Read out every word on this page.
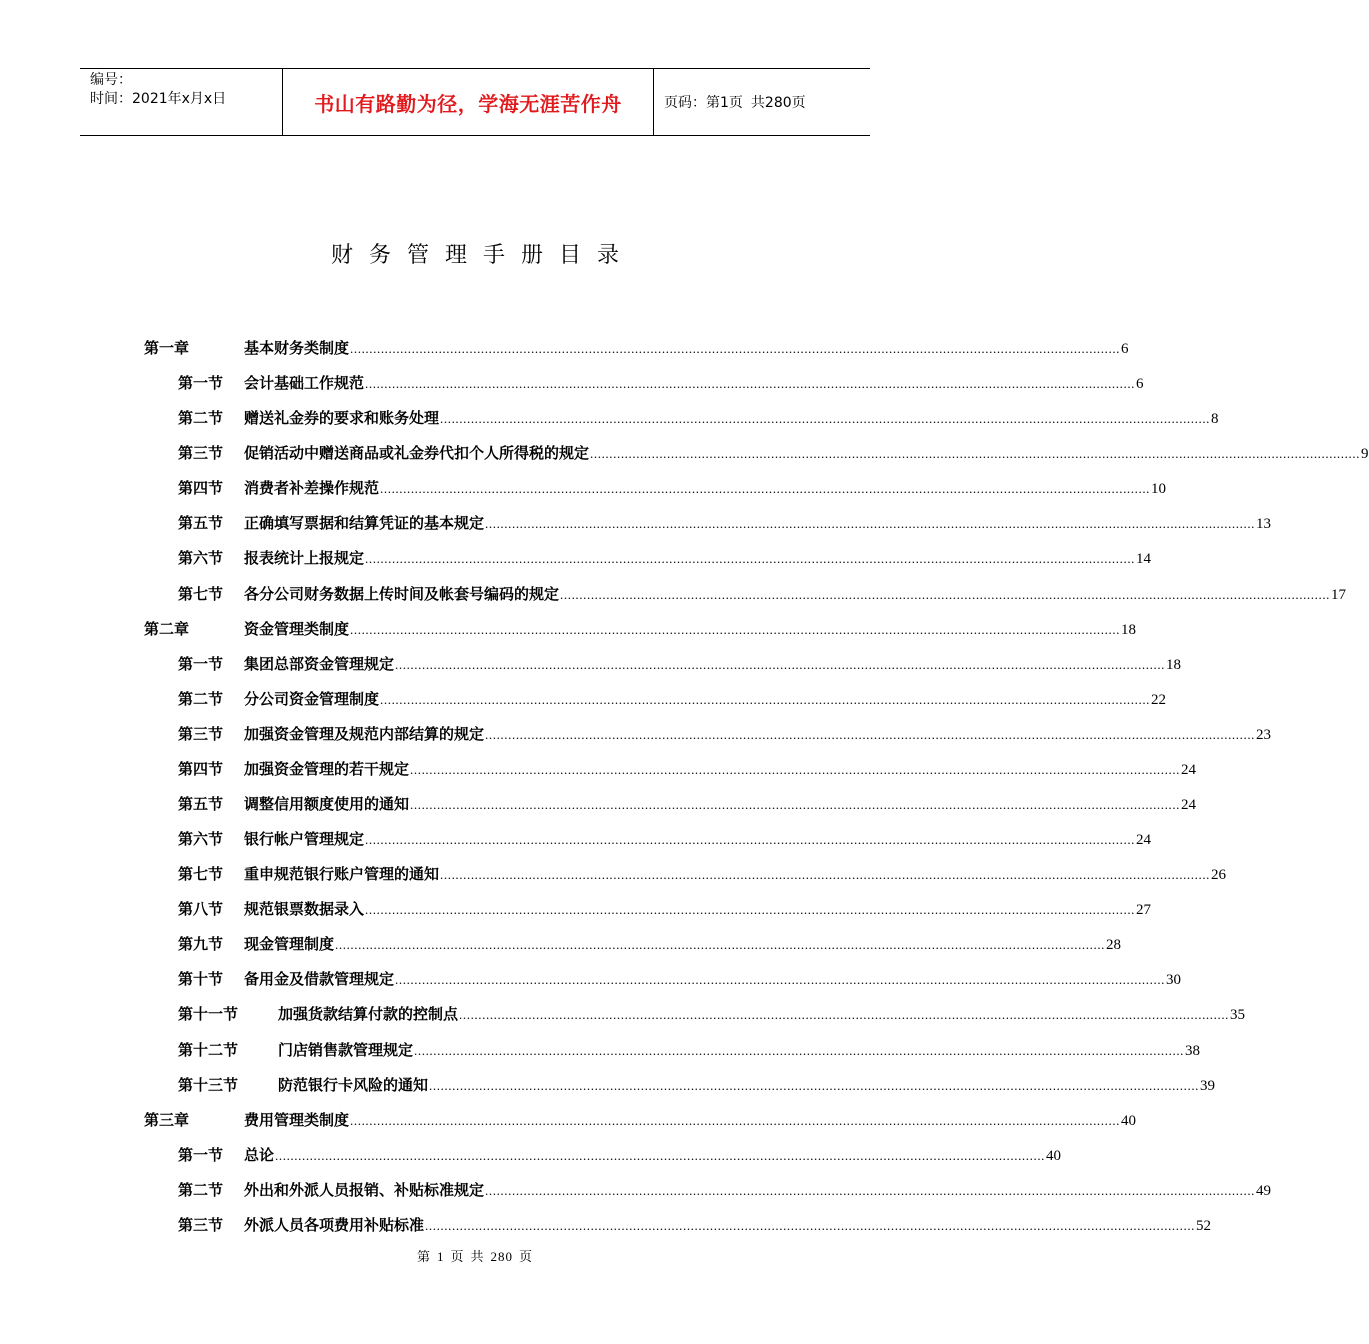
编号：
时间：2021年x月x日	书山有路勤为径，学海无涯苦作舟	页码：第1页 共280页
财务管理手册目录
第一章	基本财务类制度 ........................................................................................................................................................................................................ 6
第一节 会计基础工作规范 ........................................................................................................................................................................................................ 6
第二节 赠送礼金券的要求和账务处理 ........................................................................................................................................................................................................ 8
第三节 促销活动中赠送商品或礼金券代扣个人所得税的规定 ........................................................................................................................................................................................................ 9
第四节 消费者补差操作规范 ........................................................................................................................................................................................................ 10
第五节 正确填写票据和结算凭证的基本规定 ........................................................................................................................................................................................................ 13
第六节 报表统计上报规定 ........................................................................................................................................................................................................ 14
第七节 各分公司财务数据上传时间及帐套号编码的规定 ........................................................................................................................................................................................................ 17
第二章	资金管理类制度 ........................................................................................................................................................................................................ 18
第一节 集团总部资金管理规定 ........................................................................................................................................................................................................ 18
第二节 分公司资金管理制度 ........................................................................................................................................................................................................ 22
第三节 加强资金管理及规范内部结算的规定 ........................................................................................................................................................................................................ 23
第四节 加强资金管理的若干规定 ........................................................................................................................................................................................................ 24
第五节 调整信用额度使用的通知 ........................................................................................................................................................................................................ 24
第六节 银行帐户管理规定 ........................................................................................................................................................................................................ 24
第七节 重申规范银行账户管理的通知 ........................................................................................................................................................................................................ 26
第八节 规范银票数据录入 ........................................................................................................................................................................................................ 27
第九节 现金管理制度 ........................................................................................................................................................................................................ 28
第十节 备用金及借款管理规定 ........................................................................................................................................................................................................ 30
第十一节	加强货款结算付款的控制点 ........................................................................................................................................................................................................ 35
第十二节	门店销售款管理规定 ........................................................................................................................................................................................................ 38
第十三节	防范银行卡风险的通知 ........................................................................................................................................................................................................ 39
第三章	费用管理类制度 ........................................................................................................................................................................................................ 40
第一节 总论 ........................................................................................................................................................................................................ 40
第二节 外出和外派人员报销、补贴标准规定 ........................................................................................................................................................................................................ 49
第三节 外派人员各项费用补贴标准 ........................................................................................................................................................................................................ 52
第 1 页 共 280 页
